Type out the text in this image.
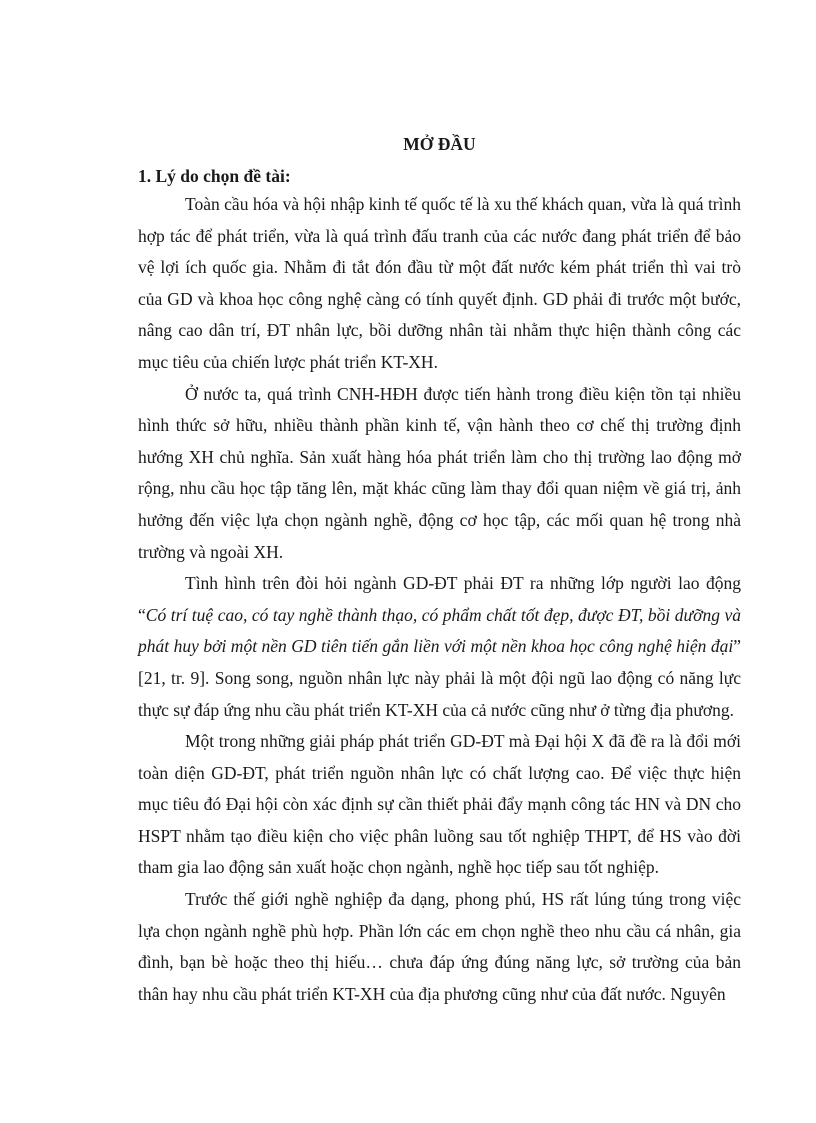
MỞ ĐẦU
1. Lý do chọn đề tài:

Toàn cầu hóa và hội nhập kinh tế quốc tế là xu thế khách quan, vừa là quá trình hợp tác để phát triển, vừa là quá trình đấu tranh của các nước đang phát triển để bảo vệ lợi ích quốc gia. Nhằm đi tắt đón đầu từ một đất nước kém phát triển thì vai trò của GD và khoa học công nghệ càng có tính quyết định. GD phải đi trước một bước, nâng cao dân trí, ĐT nhân lực, bồi dưỡng nhân tài nhằm thực hiện thành công các mục tiêu của chiến lược phát triển KT-XH.

Ở nước ta, quá trình CNH-HĐH được tiến hành trong điều kiện tồn tại nhiều hình thức sở hữu, nhiều thành phần kinh tế, vận hành theo cơ chế thị trường định hướng XH chủ nghĩa. Sản xuất hàng hóa phát triển làm cho thị trường lao động mở rộng, nhu cầu học tập tăng lên, mặt khác cũng làm thay đổi quan niệm về giá trị, ảnh hưởng đến việc lựa chọn ngành nghề, động cơ học tập, các mối quan hệ trong nhà trường và ngoài XH.

Tình hình trên đòi hỏi ngành GD-ĐT phải ĐT ra những lớp người lao động “Có trí tuệ cao, có tay nghề thành thạo, có phẩm chất tốt đẹp, được ĐT, bồi dưỡng và phát huy bởi một nền GD tiên tiến gắn liền với một nền khoa học công nghệ hiện đại” [21, tr. 9]. Song song, nguồn nhân lực này phải là một đội ngũ lao động có năng lực thực sự đáp ứng nhu cầu phát triển KT-XH của cả nước cũng như ở từng địa phương.

Một trong những giải pháp phát triển GD-ĐT mà Đại hội X đã đề ra là đổi mới toàn diện GD-ĐT, phát triển nguồn nhân lực có chất lượng cao. Để việc thực hiện mục tiêu đó Đại hội còn xác định sự cần thiết phải đẩy mạnh công tác HN và DN cho HSPT nhằm tạo điều kiện cho việc phân luồng sau tốt nghiệp THPT, để HS vào đời tham gia lao động sản xuất hoặc chọn ngành, nghề học tiếp sau tốt nghiệp.

Trước thế giới nghề nghiệp đa dạng, phong phú, HS rất lúng túng trong việc lựa chọn ngành nghề phù hợp. Phần lớn các em chọn nghề theo nhu cầu cá nhân, gia đình, bạn bè hoặc theo thị hiếu… chưa đáp ứng đúng năng lực, sở trường của bản thân hay nhu cầu phát triển KT-XH của địa phương cũng như của đất nước. Nguyên
